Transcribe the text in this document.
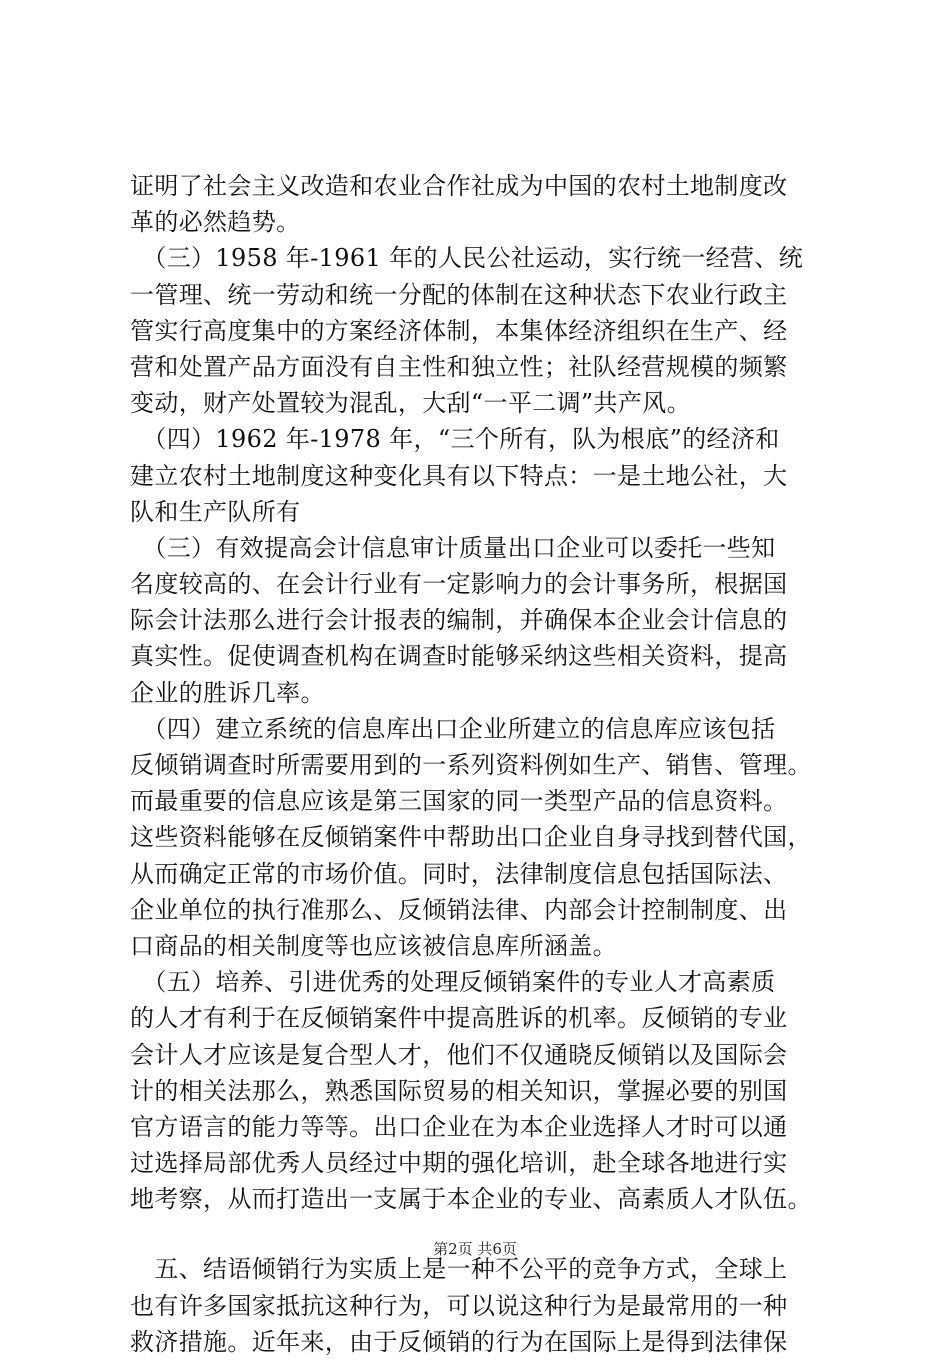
证明了社会主义改造和农业合作社成为中国的农村土地制度改
革的必然趋势。
　（三）1958 年-1961 年的人民公社运动，实行统一经营、统
一管理、统一劳动和统一分配的体制在这种状态下农业行政主
管实行高度集中的方案经济体制，本集体经济组织在生产、经
营和处置产品方面没有自主性和独立性；社队经营规模的频繁
变动，财产处置较为混乱，大刮“一平二调”共产风。
　（四）1962 年-1978 年，“三个所有，队为根底”的经济和
建立农村土地制度这种变化具有以下特点：一是土地公社，大
队和生产队所有
　（三）有效提高会计信息审计质量出口企业可以委托一些知
名度较高的、在会计行业有一定影响力的会计事务所，根据国
际会计法那么进行会计报表的编制，并确保本企业会计信息的
真实性。促使调查机构在调查时能够采纳这些相关资料，提高
企业的胜诉几率。
　（四）建立系统的信息库出口企业所建立的信息库应该包括
反倾销调查时所需要用到的一系列资料例如生产、销售、管理。
而最重要的信息应该是第三国家的同一类型产品的信息资料。
这些资料能够在反倾销案件中帮助出口企业自身寻找到替代国，
从而确定正常的市场价值。同时，法律制度信息包括国际法、
企业单位的执行准那么、反倾销法律、内部会计控制制度、出
口商品的相关制度等也应该被信息库所涵盖。
　（五）培养、引进优秀的处理反倾销案件的专业人才高素质
的人才有利于在反倾销案件中提高胜诉的机率。反倾销的专业
会计人才应该是复合型人才，他们不仅通晓反倾销以及国际会
计的相关法那么，熟悉国际贸易的相关知识，掌握必要的别国
官方语言的能力等等。出口企业在为本企业选择人才时可以通
过选择局部优秀人员经过中期的强化培训，赴全球各地进行实
地考察，从而打造出一支属于本企业的专业、高素质人才队伍。
　五、结语倾销行为实质上是一种不公平的竞争方式，全球上
也有许多国家抵抗这种行为，可以说这种行为是最常用的一种
救济措施。近年来，由于反倾销的行为在国际上是得到法律保
第2页 共6页
